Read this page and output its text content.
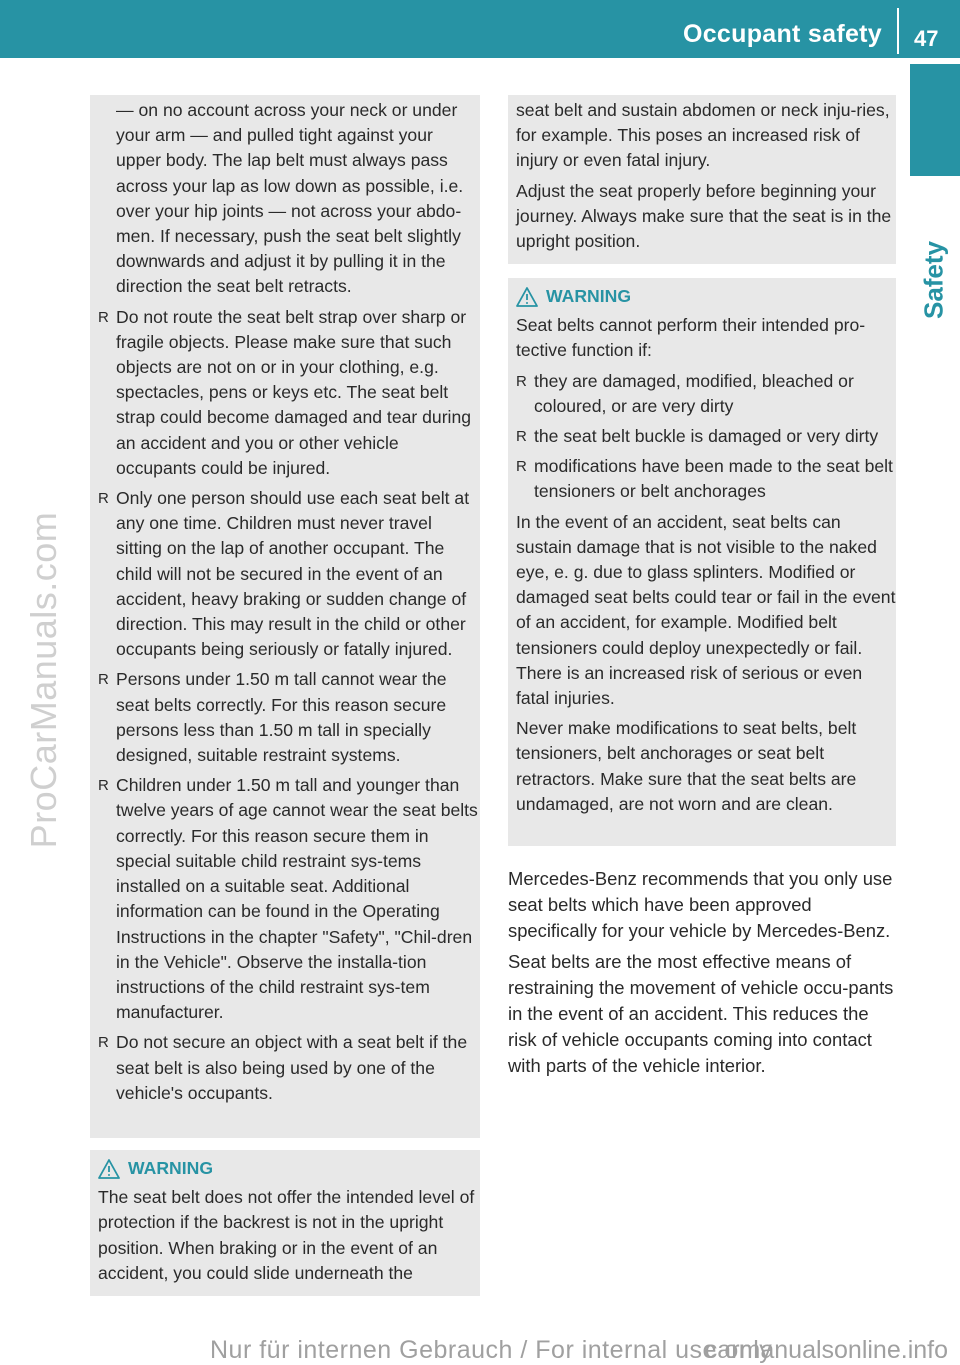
Occupant safety 47
Safety
ProCarManuals.com

— on no account across your neck or under your arm — and pulled tight against your upper body. The lap belt must always pass across your lap as low down as possible, i.e. over your hip joints — not across your abdo-men. If necessary, push the seat belt slightly downwards and adjust it by pulling it in the direction the seat belt retracts.

R Do not route the seat belt strap over sharp or fragile objects. Please make sure that such objects are not on or in your clothing, e.g. spectacles, pens or keys etc. The seat belt strap could become damaged and tear during an accident and you or other vehicle occupants could be injured.
R Only one person should use each seat belt at any one time. Children must never travel sitting on the lap of another occupant. The child will not be secured in the event of an accident, heavy braking or sudden change of direction. This may result in the child or other occupants being seriously or fatally injured.
R Persons under 1.50 m tall cannot wear the seat belts correctly. For this reason secure persons less than 1.50 m tall in specially designed, suitable restraint systems.
R Children under 1.50 m tall and younger than twelve years of age cannot wear the seat belts correctly. For this reason secure them in special suitable child restraint sys-tems installed on a suitable seat. Additional information can be found in the Operating Instructions in the chapter "Safety", "Chil-dren in the Vehicle". Observe the installa-tion instructions of the child restraint sys-tem manufacturer.
R Do not secure an object with a seat belt if the seat belt is also being used by one of the vehicle's occupants.
WARNING

The seat belt does not offer the intended level of protection if the backrest is not in the upright position. When braking or in the event of an accident, you could slide underneath the

seat belt and sustain abdomen or neck inju-ries, for example. This poses an increased risk of injury or even fatal injury.

Adjust the seat properly before beginning your journey. Always make sure that the seat is in the upright position.

WARNING

Seat belts cannot perform their intended pro-tective function if:

R they are damaged, modified, bleached or coloured, or are very dirty
R the seat belt buckle is damaged or very dirty
R modifications have been made to the seat belt tensioners or belt anchorages

In the event of an accident, seat belts can sustain damage that is not visible to the naked eye, e. g. due to glass splinters. Modified or damaged seat belts could tear or fail in the event of an accident, for example. Modified belt tensioners could deploy unexpectedly or fail. There is an increased risk of serious or even fatal injuries.

Never make modifications to seat belts, belt tensioners, belt anchorages or seat belt retractors. Make sure that the seat belts are undamaged, are not worn and are clean.

Mercedes-Benz recommends that you only use seat belts which have been approved specifically for your vehicle by Mercedes-Benz.

Seat belts are the most effective means of restraining the movement of vehicle occu-pants in the event of an accident. This reduces the risk of vehicle occupants coming into contact with parts of the vehicle interior.

Nur für internen Gebrauch / For internal use only
carmanualsonline.info
